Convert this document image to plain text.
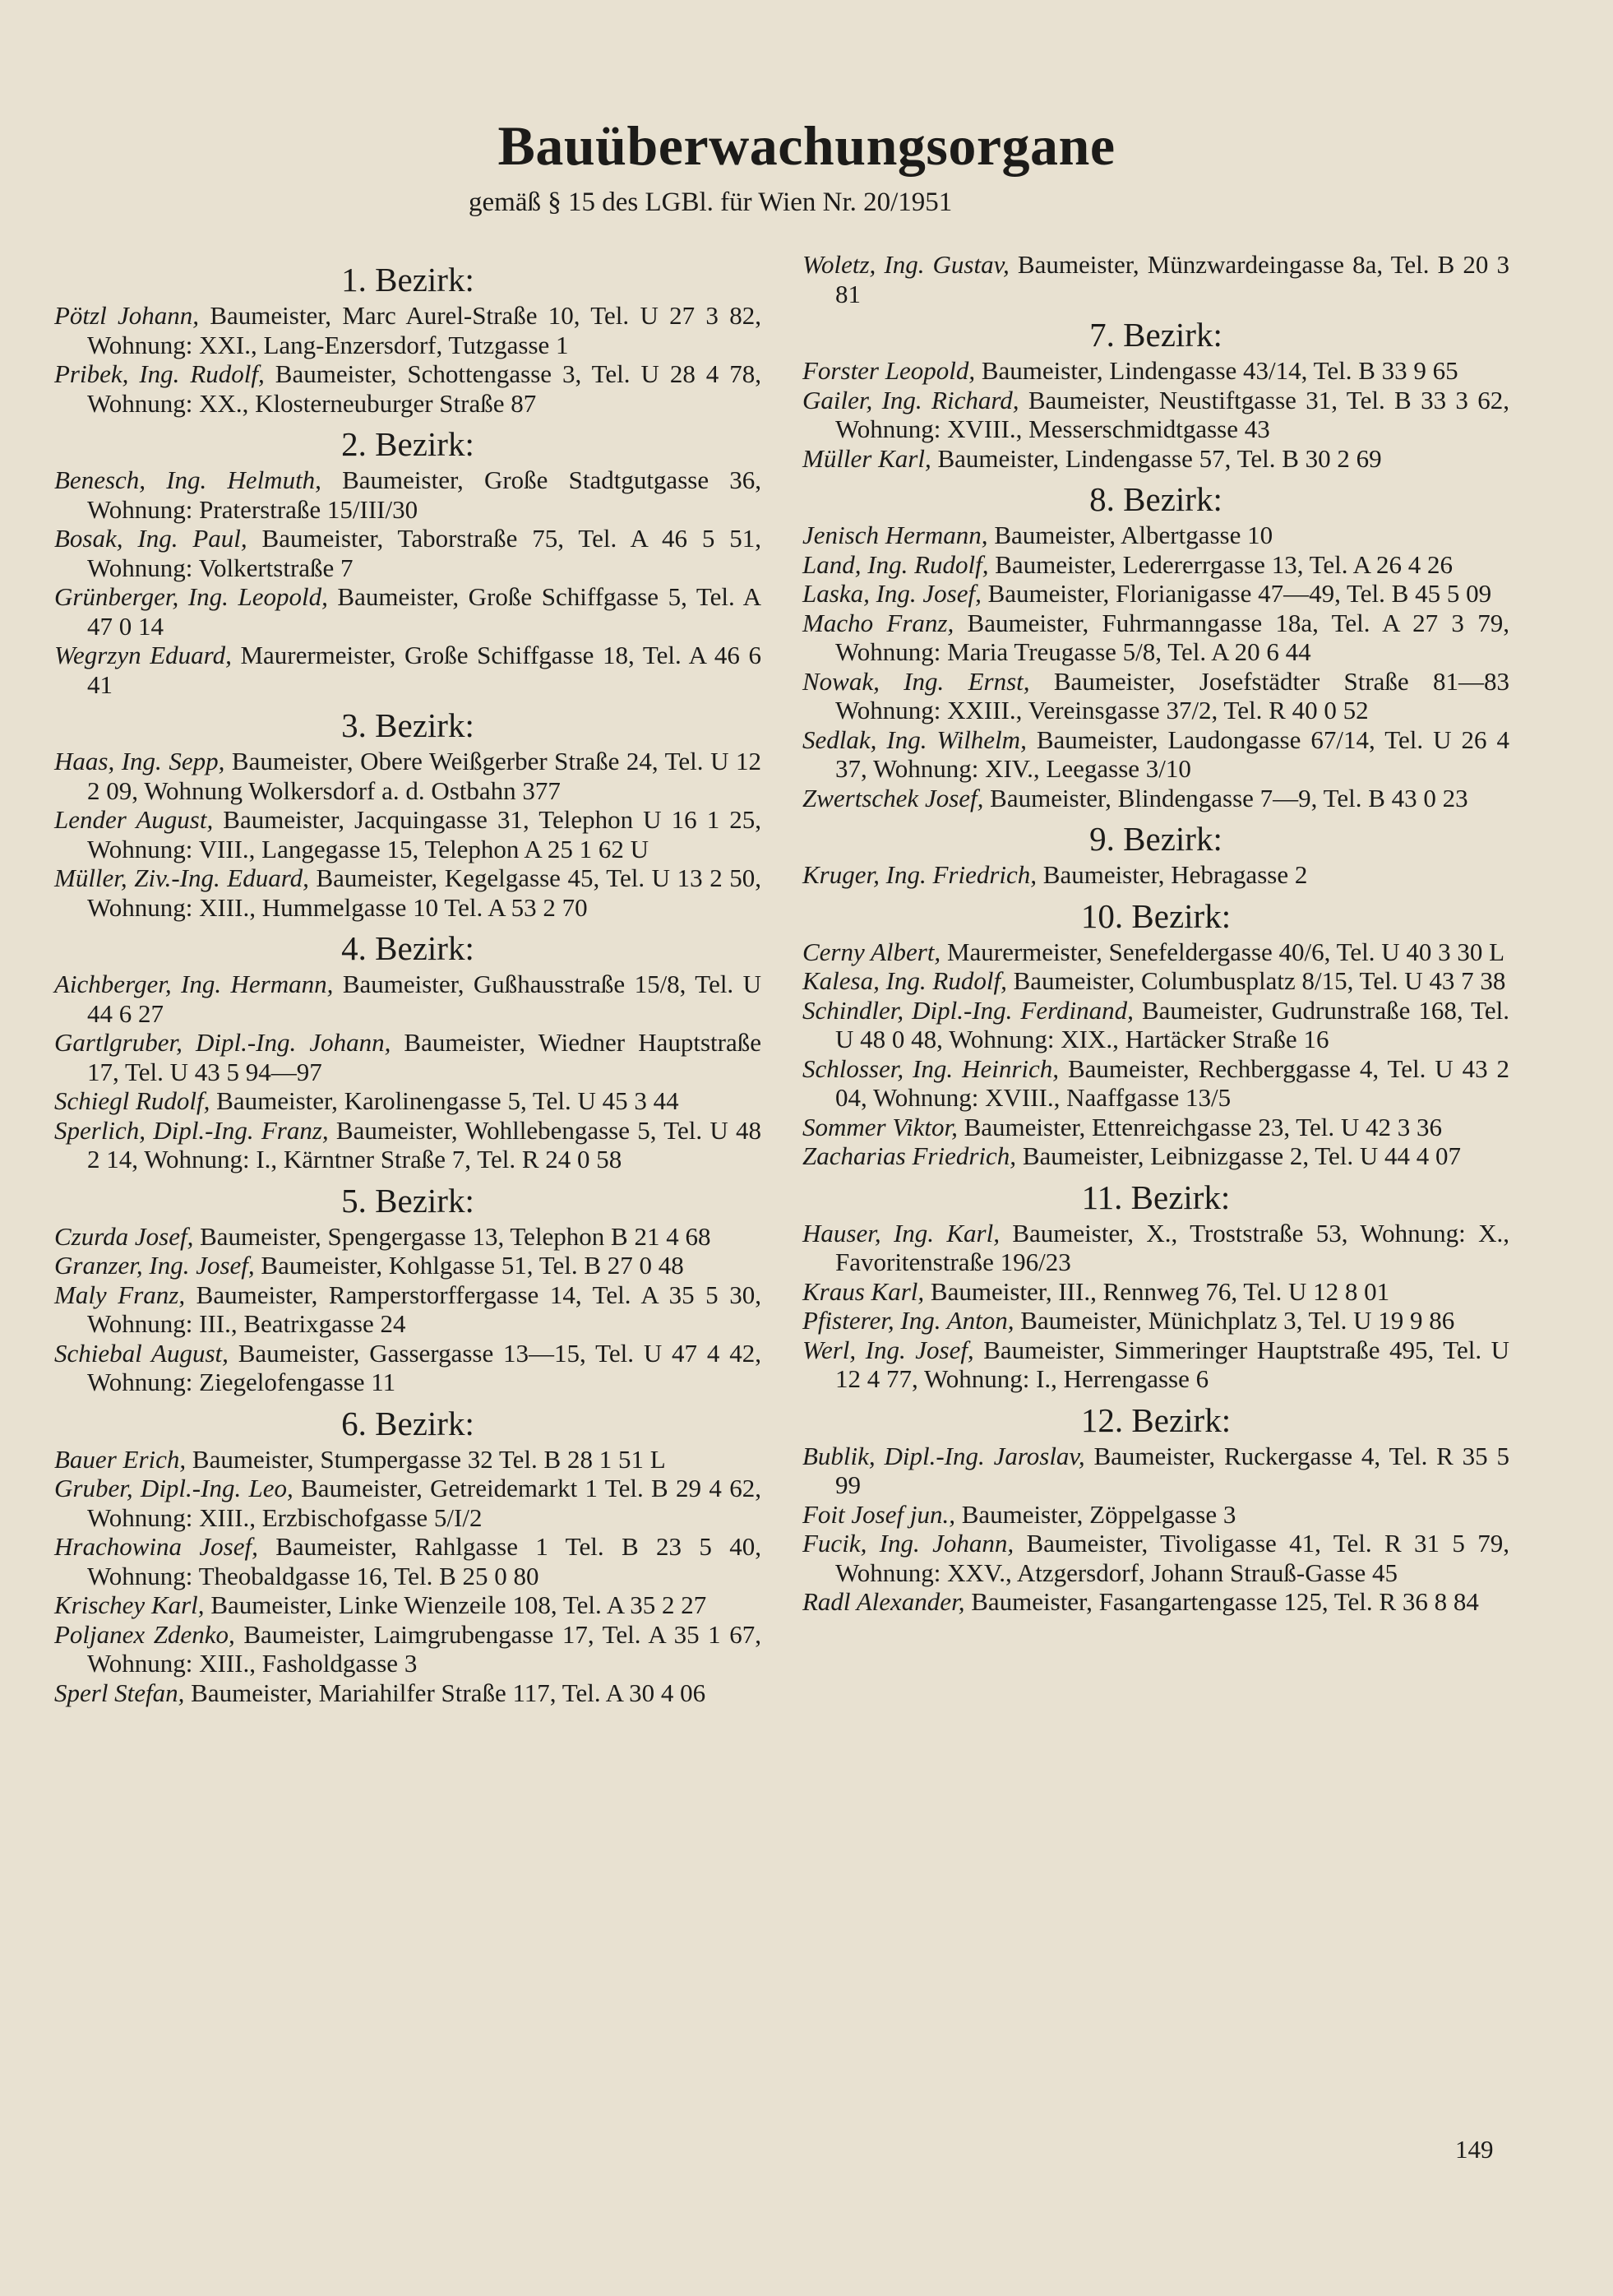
Bauüberwachungsorgane

gemäß § 15 des LGBl. für Wien Nr. 20/1951

1. Bezirk:

Pötzl Johann, Baumeister, Marc Aurel-Straße 10, Tel. U 27 3 82, Wohnung: XXI., Lang-Enzersdorf, Tutzgasse 1

Pribek, Ing. Rudolf, Baumeister, Schottengasse 3, Tel. U 28 4 78, Wohnung: XX., Klosterneuburger Straße 87

2. Bezirk:

Benesch, Ing. Helmuth, Baumeister, Große Stadtgutgasse 36, Wohnung: Praterstraße 15/III/30

Bosak, Ing. Paul, Baumeister, Taborstraße 75, Tel. A 46 5 51, Wohnung: Volkertstraße 7

Grünberger, Ing. Leopold, Baumeister, Große Schiffgasse 5, Tel. A 47 0 14

Wegrzyn Eduard, Maurermeister, Große Schiffgasse 18, Tel. A 46 6 41

3. Bezirk:

Haas, Ing. Sepp, Baumeister, Obere Weißgerber Straße 24, Tel. U 12 2 09, Wohnung Wolkersdorf a. d. Ostbahn 377

Lender August, Baumeister, Jacquingasse 31, Telephon U 16 1 25, Wohnung: VIII., Langegasse 15, Telephon A 25 1 62 U

Müller, Ziv.-Ing. Eduard, Baumeister, Kegelgasse 45, Tel. U 13 2 50, Wohnung: XIII., Hummelgasse 10 Tel. A 53 2 70

4. Bezirk:

Aichberger, Ing. Hermann, Baumeister, Gußhausstraße 15/8, Tel. U 44 6 27

Gartlgruber, Dipl.-Ing. Johann, Baumeister, Wiedner Hauptstraße 17, Tel. U 43 5 94—97

Schiegl Rudolf, Baumeister, Karolinengasse 5, Tel. U 45 3 44

Sperlich, Dipl.-Ing. Franz, Baumeister, Wohllebengasse 5, Tel. U 48 2 14, Wohnung: I., Kärntner Straße 7, Tel. R 24 0 58

5. Bezirk:

Czurda Josef, Baumeister, Spengergasse 13, Telephon B 21 4 68

Granzer, Ing. Josef, Baumeister, Kohlgasse 51, Tel. B 27 0 48

Maly Franz, Baumeister, Ramperstorffergasse 14, Tel. A 35 5 30, Wohnung: III., Beatrixgasse 24

Schiebal August, Baumeister, Gassergasse 13—15, Tel. U 47 4 42, Wohnung: Ziegelofengasse 11

6. Bezirk:

Bauer Erich, Baumeister, Stumpergasse 32 Tel. B 28 1 51 L

Gruber, Dipl.-Ing. Leo, Baumeister, Getreidemarkt 1 Tel. B 29 4 62, Wohnung: XIII., Erzbischofgasse 5/I/2

Hrachowina Josef, Baumeister, Rahlgasse 1 Tel. B 23 5 40, Wohnung: Theobaldgasse 16, Tel. B 25 0 80

Krischey Karl, Baumeister, Linke Wienzeile 108, Tel. A 35 2 27

Poljanex Zdenko, Baumeister, Laimgrubengasse 17, Tel. A 35 1 67, Wohnung: XIII., Fasholdgasse 3

Sperl Stefan, Baumeister, Mariahilfer Straße 117, Tel. A 30 4 06

Woletz, Ing. Gustav, Baumeister, Münzwardeingasse 8a, Tel. B 20 3 81

7. Bezirk:

Forster Leopold, Baumeister, Lindengasse 43/14, Tel. B 33 9 65

Gailer, Ing. Richard, Baumeister, Neustiftgasse 31, Tel. B 33 3 62, Wohnung: XVIII., Messerschmidtgasse 43

Müller Karl, Baumeister, Lindengasse 57, Tel. B 30 2 69

8. Bezirk:

Jenisch Hermann, Baumeister, Albertgasse 10

Land, Ing. Rudolf, Baumeister, Ledererrgasse 13, Tel. A 26 4 26

Laska, Ing. Josef, Baumeister, Florianigasse 47—49, Tel. B 45 5 09

Macho Franz, Baumeister, Fuhrmanngasse 18a, Tel. A 27 3 79, Wohnung: Maria Treugasse 5/8, Tel. A 20 6 44

Nowak, Ing. Ernst, Baumeister, Josefstädter Straße 81—83 Wohnung: XXIII., Vereinsgasse 37/2, Tel. R 40 0 52

Sedlak, Ing. Wilhelm, Baumeister, Laudongasse 67/14, Tel. U 26 4 37, Wohnung: XIV., Leegasse 3/10

Zwertschek Josef, Baumeister, Blindengasse 7—9, Tel. B 43 0 23

9. Bezirk:

Kruger, Ing. Friedrich, Baumeister, Hebragasse 2

10. Bezirk:

Cerny Albert, Maurermeister, Senefeldergasse 40/6, Tel. U 40 3 30 L

Kalesa, Ing. Rudolf, Baumeister, Columbusplatz 8/15, Tel. U 43 7 38

Schindler, Dipl.-Ing. Ferdinand, Baumeister, Gudrunstraße 168, Tel. U 48 0 48, Wohnung: XIX., Hartäcker Straße 16

Schlosser, Ing. Heinrich, Baumeister, Rechberggasse 4, Tel. U 43 2 04, Wohnung: XVIII., Naaffgasse 13/5

Sommer Viktor, Baumeister, Ettenreichgasse 23, Tel. U 42 3 36

Zacharias Friedrich, Baumeister, Leibnizgasse 2, Tel. U 44 4 07

11. Bezirk:

Hauser, Ing. Karl, Baumeister, X., Troststraße 53, Wohnung: X., Favoritenstraße 196/23

Kraus Karl, Baumeister, III., Rennweg 76, Tel. U 12 8 01

Pfisterer, Ing. Anton, Baumeister, Münichplatz 3, Tel. U 19 9 86

Werl, Ing. Josef, Baumeister, Simmeringer Hauptstraße 495, Tel. U 12 4 77, Wohnung: I., Herrengasse 6

12. Bezirk:

Bublik, Dipl.-Ing. Jaroslav, Baumeister, Ruckergasse 4, Tel. R 35 5 99

Foit Josef jun., Baumeister, Zöppelgasse 3

Fucik, Ing. Johann, Baumeister, Tivoligasse 41, Tel. R 31 5 79, Wohnung: XXV., Atzgersdorf, Johann Strauß-Gasse 45

Radl Alexander, Baumeister, Fasangartengasse 125, Tel. R 36 8 84

149
